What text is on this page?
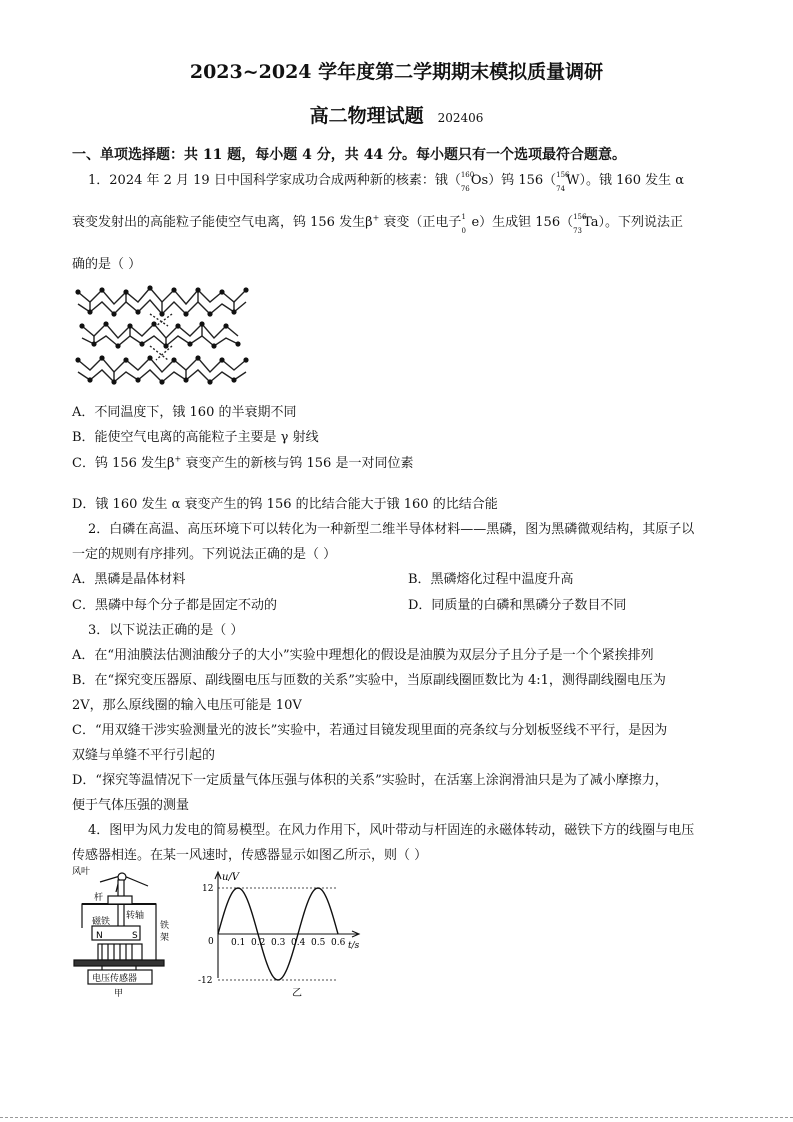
2023~2024 学年度第二学期期末模拟质量调研
高二物理试题 202406
一、单项选择题：共 11 题，每小题 4 分，共 44 分。每小题只有一个选项最符合题意。
1．2024 年 2 月 19 日中国科学家成功合成两种新的核素：锇（ 160
76
Os）钨 156（ 156
74
W）。锇 160 发生 α
衰变发射出的高能粒子能使空气电离，钨 156 发生β+ 衰变（正电子 1
0
e）生成钽 156（ 156
73
Ta）。下列说法正
确的是（ ）
A．不同温度下，锇 160 的半衰期不同
B．能使空气电离的高能粒子主要是 γ 射线
C．钨 156 发生β+ 衰变产生的新核与钨 156 是一对同位素
D．锇 160 发生 α 衰变产生的钨 156 的比结合能大于锇 160 的比结合能
2．白磷在高温、高压环境下可以转化为一种新型二维半导体材料——黑磷，图为黑磷微观结构，其原子以
一定的规则有序排列。下列说法正确的是（ ）
A．黑磷是晶体材料	B．黑磷熔化过程中温度升高
C．黑磷中每个分子都是固定不动的	D．同质量的白磷和黑磷分子数目不同
3．以下说法正确的是（ ）
A．在“用油膜法估测油酸分子的大小”实验中理想化的假设是油膜为双层分子且分子是一个个紧挨排列
B．在“探究变压器原、副线圈电压与匝数的关系”实验中，当原副线圈匝数比为 4:1，测得副线圈电压为
2V，那么原线圈的输入电压可能是 10V
C．“用双缝干涉实验测量光的波长”实验中，若通过目镜发现里面的亮条纹与分划板竖线不平行，是因为
双缝与单缝不平行引起的
D．“探究等温情况下一定质量气体压强与体积的关系”实验时，在活塞上涂润滑油只是为了减小摩擦力，
便于气体压强的测量
4．图甲为风力发电的简易模型。在风力作用下，风叶带动与杆固连的永磁体转动，磁铁下方的线圈与电压
传感器相连。在某一风速时，传感器显示如图乙所示，则（ ）
风叶
杆
转轴
磁铁
N	S
铁
架
电压传感器
甲
0.1 0.2 0.3 0.4 0.5 0.6
12
-12
u/V
t/s
0
乙
